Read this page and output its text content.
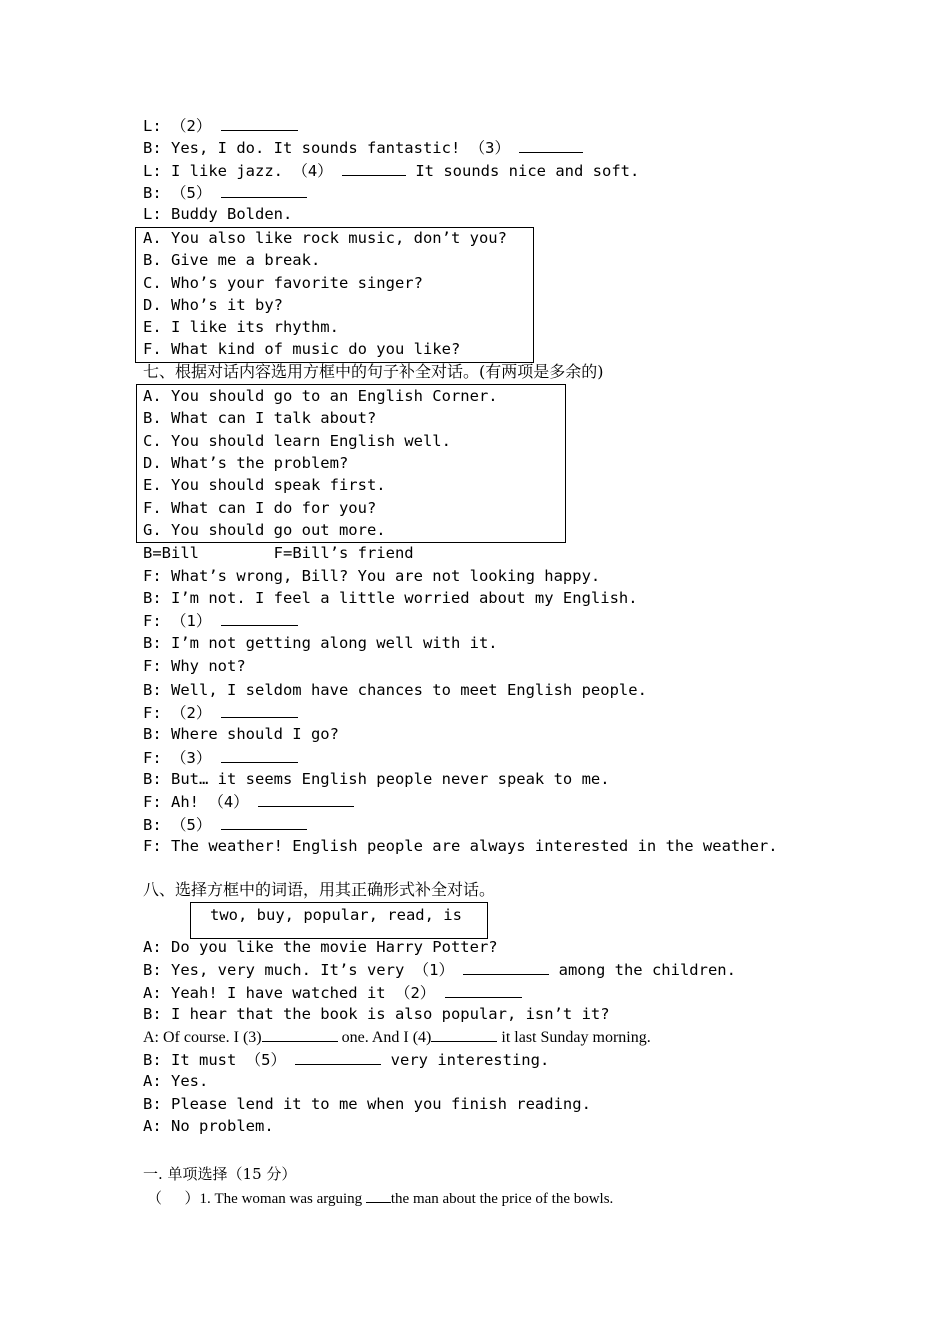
L: （2）
B: Yes, I do. It sounds fantastic! （3）
L: I like jazz. （4）	It sounds nice and soft.
B: （5）
L: Buddy Bolden.
A. You also like rock music, don’t you?
B. Give me a break.
C. Who’s your favorite singer?
D. Who’s it by?
E. I like its rhythm.
F. What kind of music do you like?
七、根据对话内容选用方框中的句子补全对话。(有两项是多余的)
A. You should go to an English Corner.
B. What can I talk about?
C. You should learn English well.
D. What’s the problem?
E. You should speak first.
F. What can I do for you?
G. You should go out more.
B=Bill	F=Bill’s friend
F: What’s wrong, Bill? You are not looking happy.
B: I’m not. I feel a little worried about my English.
F: （1）
B: I’m not getting along well with it.
F: Why not?
B: Well, I seldom have chances to meet English people.
F: （2）
B: Where should I go?
F: （3）
B: But… it seems English people never speak to me.
F: Ah! （4）
B: （5）
F: The weather! English people are always interested in the weather.
八、选择方框中的词语，用其正确形式补全对话。
two, buy, popular, read, is
A: Do you like the movie Harry Potter?
B: Yes, very much. It’s very （1）	among the children.
A: Yeah! I have watched it （2）
B: I hear that the book is also popular, isn’t it?
A: Of course. I (3)	one. And I (4)	it last Sunday morning.
B: It must （5）	very interesting.
A: Yes.
B: Please lend it to me when you finish reading.
A: No problem.
一. 单项选择（15 分）
（      ）1. The woman was arguing the man about the price of the bowls.
